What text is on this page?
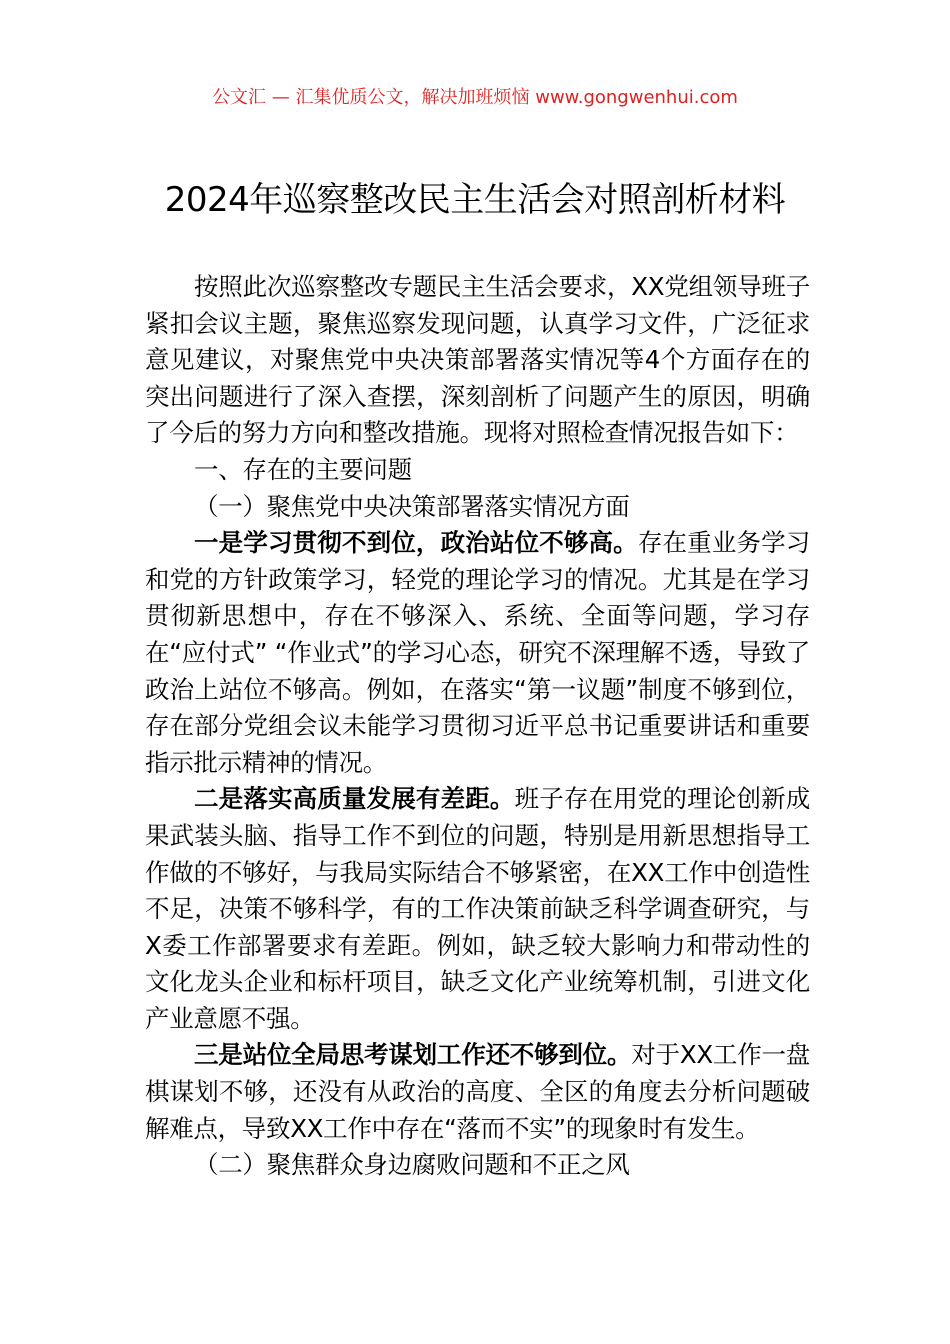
公文汇 — 汇集优质公文，解决加班烦恼 www.gongwenhui.com
2024年巡察整改民主生活会对照剖析材料

按照此次巡察整改专题民主生活会要求，XX党组领导班子紧扣会议主题，聚焦巡察发现问题，认真学习文件，广泛征求意见建议，对聚焦党中央决策部署落实情况等4个方面存在的突出问题进行了深入查摆，深刻剖析了问题产生的原因，明确了今后的努力方向和整改措施。现将对照检查情况报告如下：

一、存在的主要问题

（一）聚焦党中央决策部署落实情况方面

一是学习贯彻不到位，政治站位不够高。存在重业务学习和党的方针政策学习，轻党的理论学习的情况。尤其是在学习贯彻新思想中，存在不够深入、系统、全面等问题，学习存在“应付式” “作业式”的学习心态，研究不深理解不透，导致了政治上站位不够高。例如，在落实“第一议题”制度不够到位，存在部分党组会议未能学习贯彻习近平总书记重要讲话和重要指示批示精神的情况。

二是落实高质量发展有差距。班子存在用党的理论创新成果武装头脑、指导工作不到位的问题，特别是用新思想指导工作做的不够好，与我局实际结合不够紧密，在XX工作中创造性不足，决策不够科学，有的工作决策前缺乏科学调查研究，与X委工作部署要求有差距。例如，缺乏较大影响力和带动性的文化龙头企业和标杆项目，缺乏文化产业统筹机制，引进文化产业意愿不强。

三是站位全局思考谋划工作还不够到位。对于XX工作一盘棋谋划不够，还没有从政治的高度、全区的角度去分析问题破解难点，导致XX工作中存在“落而不实”的现象时有发生。

（二）聚焦群众身边腐败问题和不正之风
